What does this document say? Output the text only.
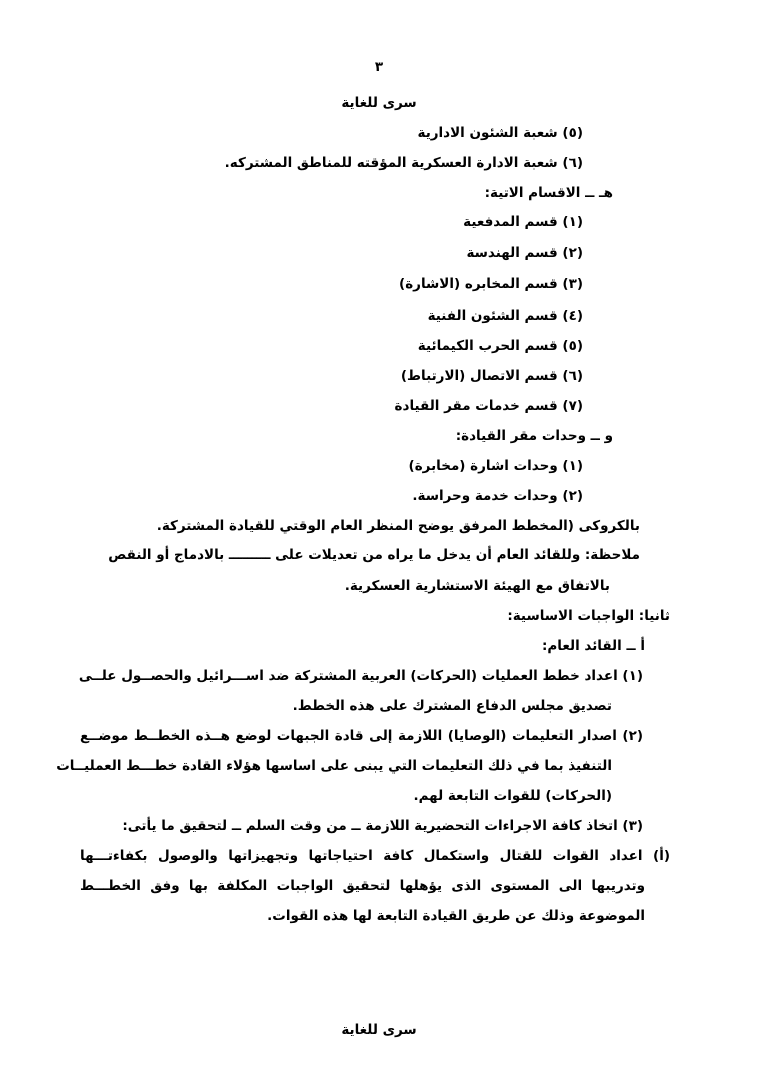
٣
سرى للغاية
(٥) شعبة الشئون الادارية
(٦) شعبة الادارة العسكرية المؤقته للمناطق المشتركه.
هـ ــ الاقسام الاتية:
(١) قسم المدفعية
(٢) قسم الهندسة
(٣) قسم المخابره (الاشارة)
(٤) قسم الشئون الفنية
(٥) قسم الحرب الكيمائية
(٦) قسم الاتصال (الارتباط)
(٧) قسم خدمات مقر القيادة
و ــ وحدات مقر القيادة:
(١) وحدات اشارة (مخابرة)
(٢) وحدات خدمة وحراسة.
بالكروكى (المخطط المرفق يوضح المنظر العام الوقتي للقيادة المشتركة.
ملاحظة: وللقائد العام أن يدخل ما يراه من تعديلات على ـــــــــ بالادماج أو النقص
بالاتفاق مع الهيئة الاستشارية العسكرية.
ثانيا: الواجبات الاساسية:
أ ــ القائد العام:
(١) اعداد خطط العمليات (الحركات) العربية المشتركة ضد اســـرائيل والحصــول علــى
تصديق مجلس الدفاع المشترك على هذه الخطط.
(٢) اصدار التعليمات (الوصايا) اللازمة إلى قادة الجبهات لوضع هــذه الخطــط موضــع
التنفيذ بما في ذلك التعليمات التي يبنى على اساسها هؤلاء القادة خطـــط العمليــات
(الحركات) للقوات التابعة لهم.
(٣) اتخاذ كافة الاجراءات التحضيرية اللازمة ــ من وقت السلم ــ لتحقيق ما يأتى:
(أ) اعداد القوات للقتال واستكمال كافة احتياجاتها وتجهيزاتها والوصول بكفاءتـــها
وتدريبها الى المستوى الذى يؤهلها لتحقيق الواجبات المكلفة بها وفق الخطـــط
الموضوعة وذلك عن طريق القيادة التابعة لها هذه القوات.
سرى للغاية
